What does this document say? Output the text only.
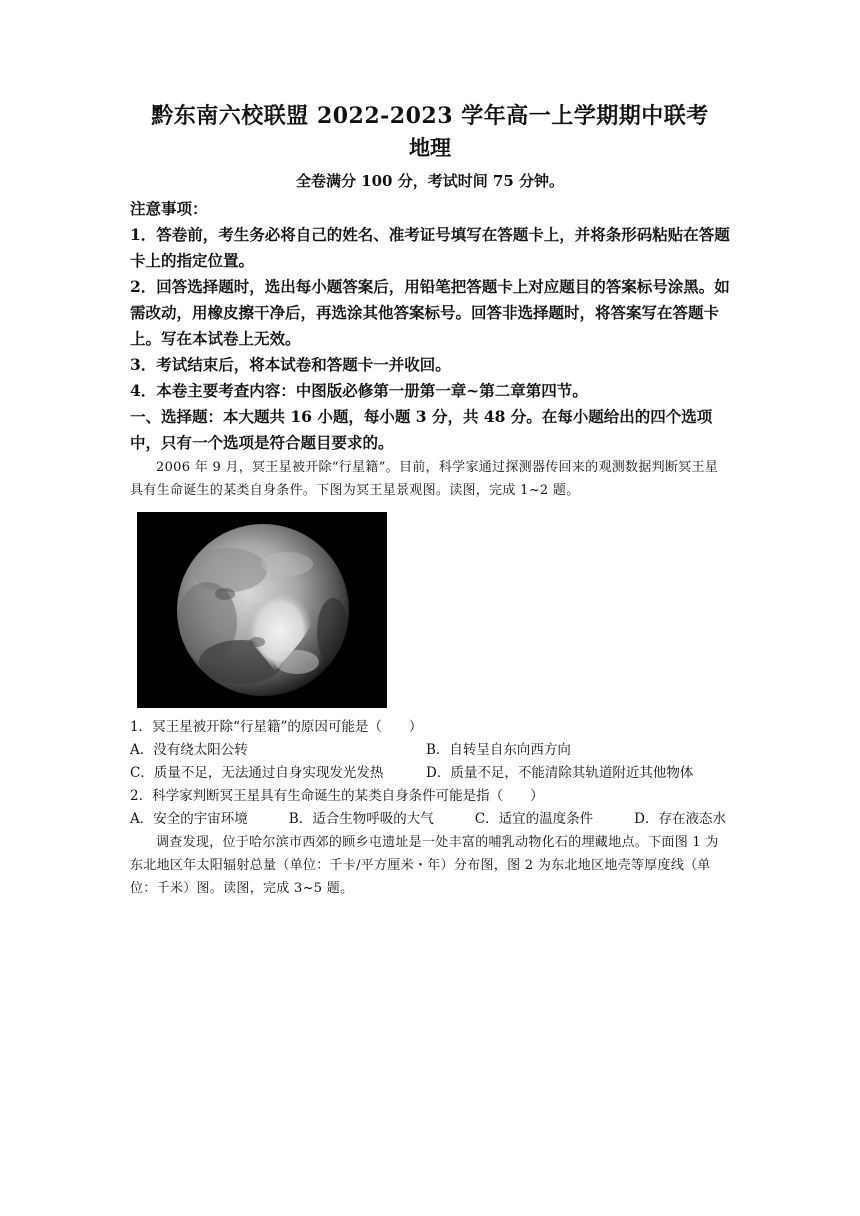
黔东南六校联盟 2022-2023 学年高一上学期期中联考

地理

全卷满分 100 分，考试时间 75 分钟。

注意事项：

1．答卷前，考生务必将自己的姓名、准考证号填写在答题卡上，并将条形码粘贴在答题卡上的指定位置。

2．回答选择题时，选出每小题答案后，用铅笔把答题卡上对应题目的答案标号涂黑。如需改动，用橡皮擦干净后，再选涂其他答案标号。回答非选择题时，将答案写在答题卡上。写在本试卷上无效。

3．考试结束后，将本试卷和答题卡一并收回。

4．本卷主要考查内容：中图版必修第一册第一章~第二章第四节。

一、选择题：本大题共 16 小题，每小题 3 分，共 48 分。在每小题给出的四个选项中，只有一个选项是符合题目要求的。

2006 年 9 月，冥王星被开除“行星籍”。目前，科学家通过探测器传回来的观测数据判断冥王星具有生命诞生的某类自身条件。下图为冥王星景观图。读图，完成 1~2 题。

1．冥王星被开除“行星籍”的原因可能是（　　）

A．没有绕太阳公转	B．自转呈自东向西方向
C．质量不足，无法通过自身实现发光发热	D．质量不足，不能清除其轨道附近其他物体

2．科学家判断冥王星具有生命诞生的某类自身条件可能是指（　　）

A．安全的宇宙环境	B．适合生物呼吸的大气	C．适宜的温度条件	D．存在液态水

调查发现，位于哈尔滨市西郊的顾乡屯遗址是一处丰富的哺乳动物化石的埋藏地点。下面图 1 为东北地区年太阳辐射总量（单位：千卡/平方厘米・年）分布图，图 2 为东北地区地壳等厚度线（单位：千米）图。读图，完成 3~5 题。
